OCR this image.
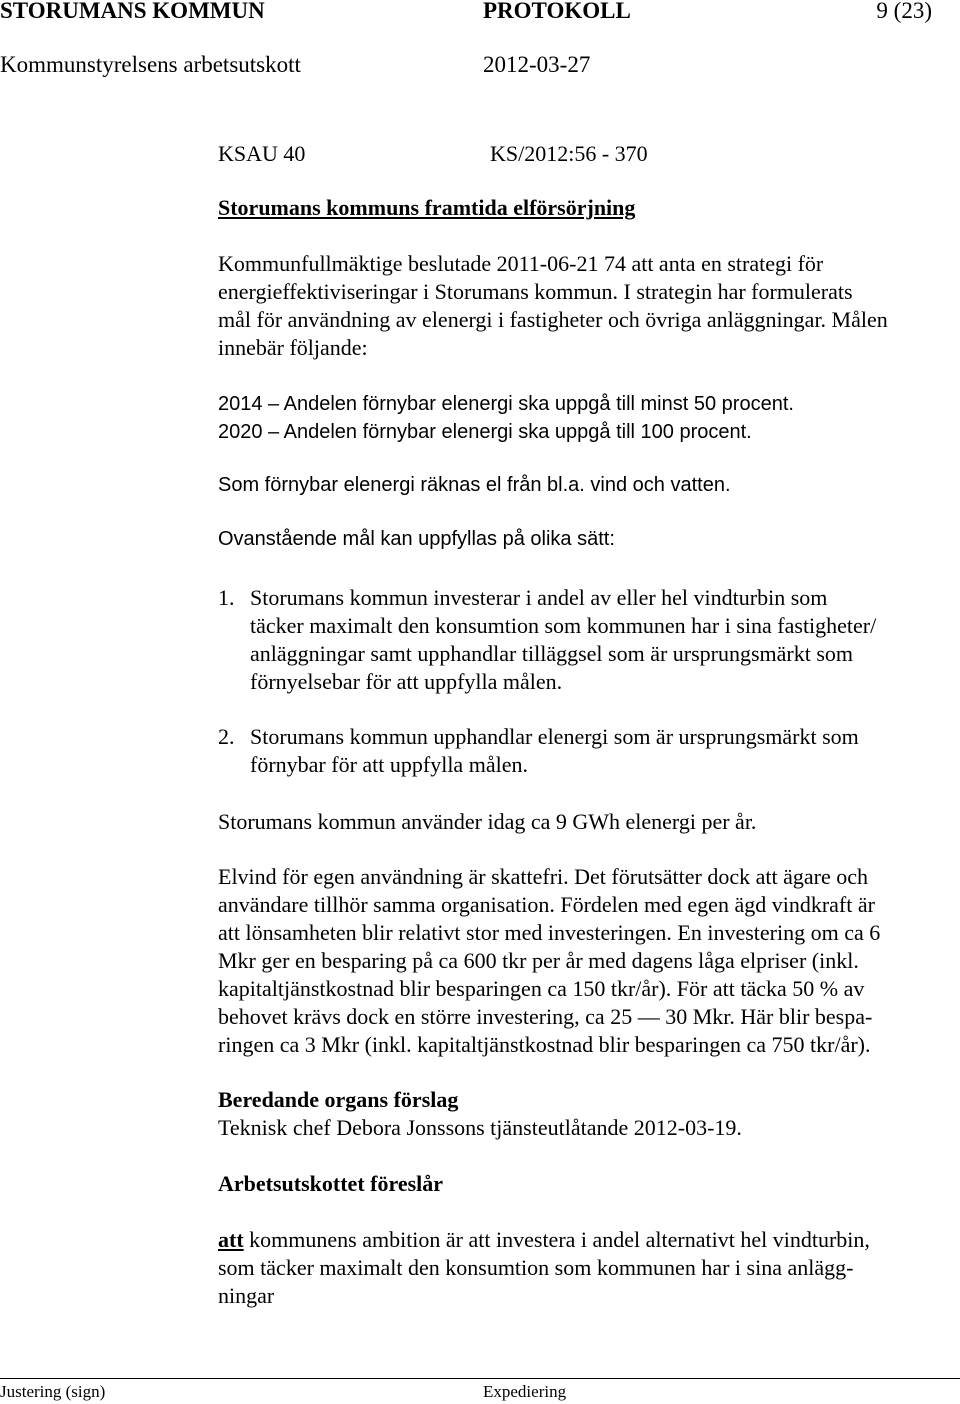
STORUMANS KOMMUN	PROTOKOLL	9 (23)
Kommunstyrelsens arbetsutskott	2012-03-27
KSAU 40	KS/2012:56 - 370
Storumans kommuns framtida elförsörjning

Kommunfullmäktige beslutade 2011-06-21 74 att anta en strategi för

energieffektiviseringar i Storumans kommun. I strategin har formulerats

mål för användning av elenergi i fastigheter och övriga anläggningar. Målen

innebär följande:

2014 – Andelen förnybar elenergi ska uppgå till minst 50 procent.

2020 – Andelen förnybar elenergi ska uppgå till 100 procent.

Som förnybar elenergi räknas el från bl.a. vind och vatten.
Ovanstående mål kan uppfyllas på olika sätt:
1. Storumans kommun investerar i andel av eller hel vindturbin som

täcker maximalt den konsumtion som kommunen har i sina fastigheter/

anläggningar samt upphandlar tilläggsel som är ursprungsmärkt som

förnyelsebar för att uppfylla målen.

2. Storumans kommun upphandlar elenergi som är ursprungsmärkt som

förnybar för att uppfylla målen.

Storumans kommun använder idag ca 9 GWh elenergi per år.

Elvind för egen användning är skattefri. Det förutsätter dock att ägare och

användare tillhör samma organisation. Fördelen med egen ägd vindkraft är

att lönsamheten blir relativt stor med investeringen. En investering om ca 6

Mkr ger en besparing på ca 600 tkr per år med dagens låga elpriser (inkl.

kapitaltjänstkostnad blir besparingen ca 150 tkr/år). För att täcka 50 % av

behovet krävs dock en större investering, ca 25 — 30 Mkr. Här blir bespa-

ringen ca 3 Mkr (inkl. kapitaltjänstkostnad blir besparingen ca 750 tkr/år).

Beredande organs förslag
Teknisk chef Debora Jonssons tjänsteutlåtande 2012-03-19.
Arbetsutskottet föreslår

att kommunens ambition är att investera i andel alternativt hel vindturbin,

som täcker maximalt den konsumtion som kommunen har i sina anlägg-

ningar

Justering (sign)	Expediering
